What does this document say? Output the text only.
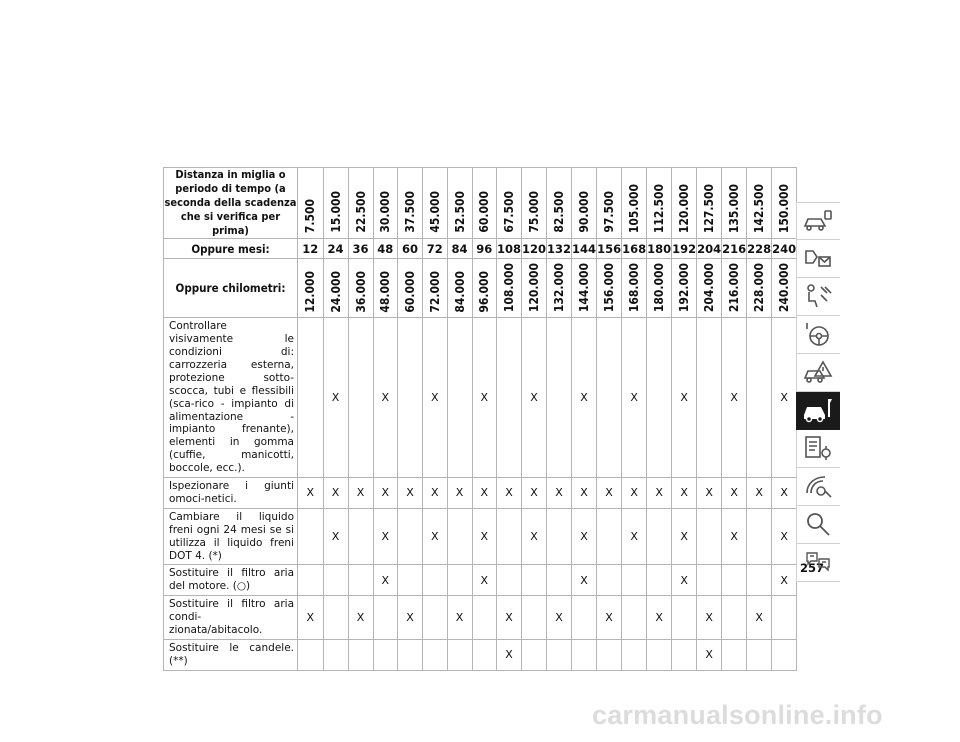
Distanza in miglia o periodo di tempo (a seconda della scadenza che si verifica per prima)	7.500	15.000	22.500	30.000	37.500	45.000	52.500	60.000	67.500	75.000	82.500	90.000	97.500	105.000	112.500	120.000	127.500	135.000	142.500	150.000
Oppure mesi:	12	24	36	48	60	72	84	96	108	120	132	144	156	168	180	192	204	216	228	240
Oppure chilometri:	12.000	24.000	36.000	48.000	60.000	72.000	84.000	96.000	108.000	120.000	132.000	144.000	156.000	168.000	180.000	192.000	204.000	216.000	228.000	240.000
Controllare visivamente le condizioni di: carrozzeria esterna, protezione sotto-scocca, tubi e flessibili (sca-rico - impianto di alimentazione - impianto frenante), elementi in gomma (cuffie, manicotti, boccole, ecc.).		X		X		X		X		X		X		X		X		X		X
Ispezionare i giunti omoci-netici.	X	X	X	X	X	X	X	X	X	X	X	X	X	X	X	X	X	X	X	X
Cambiare il liquido freni ogni 24 mesi se si utilizza il liquido freni DOT 4. (*)		X		X		X		X		X		X		X		X		X		X
Sostituire il filtro aria del motore. (○)				X				X				X				X				X
Sostituire il filtro aria condi-zionata/abitacolo.	X		X		X		X		X		X		X		X		X		X	
Sostituire le candele. (**)									X								X			
257
carmanualsonline.info
